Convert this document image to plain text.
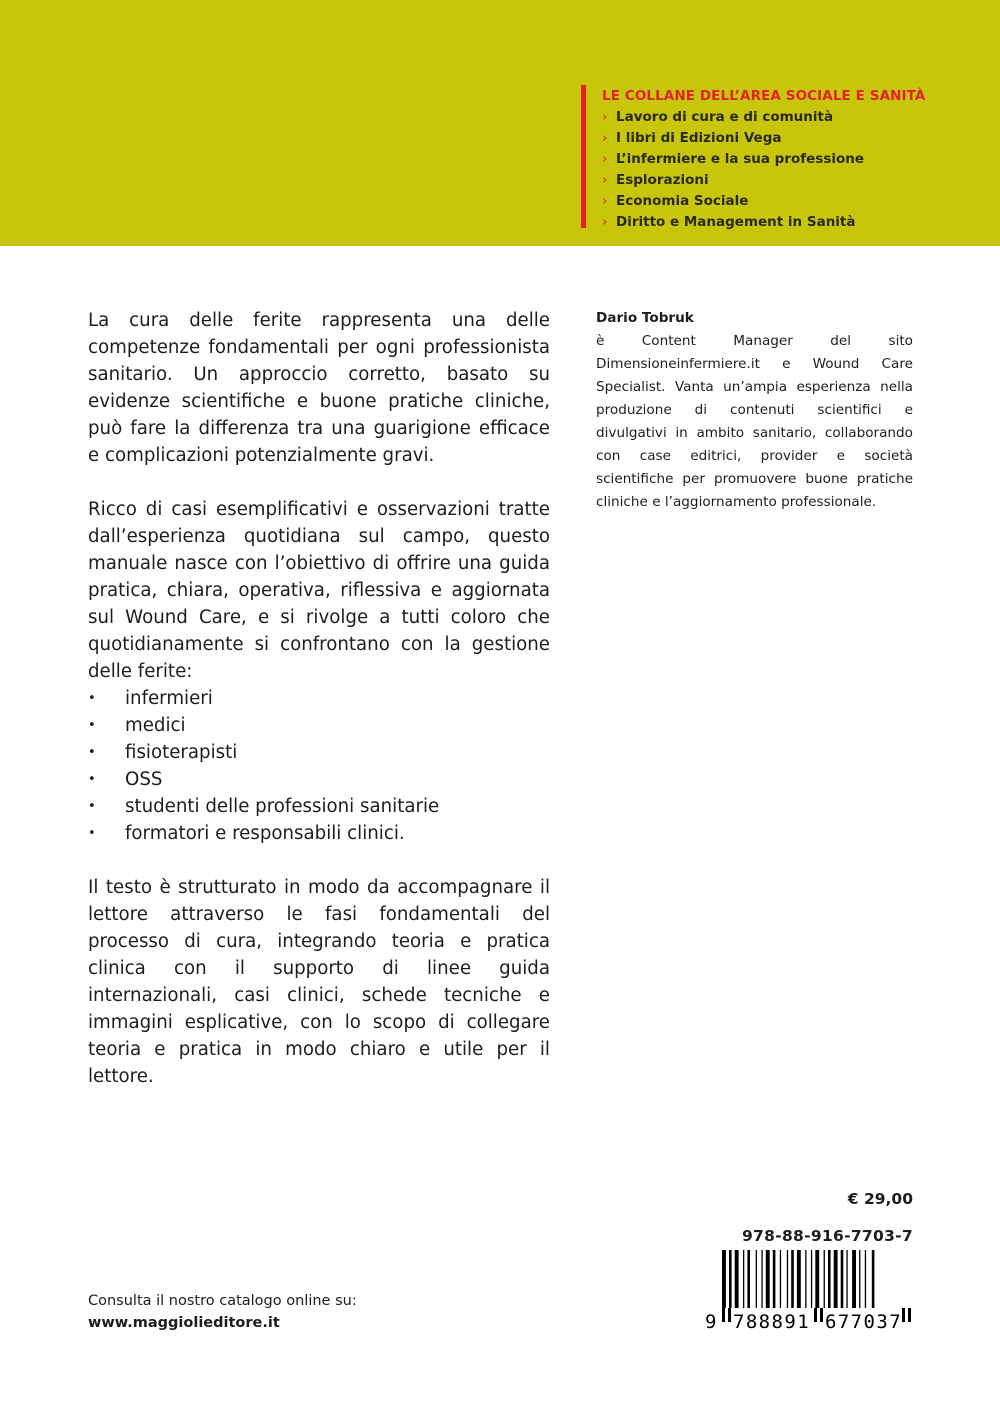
LE COLLANE DELL’AREA SOCIALE E SANITÀ
› Lavoro di cura e di comunità
› I libri di Edizioni Vega
› L’infermiere e la sua professione
› Esplorazioni
› Economia Sociale
› Diritto e Management in Sanità

La cura delle ferite rappresenta una delle competenze fondamentali per ogni professionista sanitario. Un approccio corretto, basato su evidenze scientifiche e buone pratiche cliniche, può fare la differenza tra una guarigione efficace e complicazioni potenzialmente gravi.

Ricco di casi esemplificativi e osservazioni tratte dall’esperienza quotidiana sul campo, questo manuale nasce con l’obiettivo di offrire una guida pratica, chiara, operativa, riflessiva e aggiornata sul Wound Care, e si rivolge a tutti coloro che quotidianamente si confrontano con la gestione delle ferite:

• infermieri
• medici
• fisioterapisti
• OSS
• studenti delle professioni sanitarie
• formatori e responsabili clinici.

Il testo è strutturato in modo da accompagnare il lettore attraverso le fasi fondamentali del processo di cura, integrando teoria e pratica clinica con il supporto di linee guida internazionali, casi clinici, schede tecniche e immagini esplicative, con lo scopo di collegare teoria e pratica in modo chiaro e utile per il lettore.

Dario Tobruk
è Content Manager del sito Dimensioneinfermiere.it e Wound Care Specialist. Vanta un’ampia esperienza nella produzione di contenuti scientifici e divulgativi in ambito sanitario, collaborando con case editrici, provider e società scientifiche per promuovere buone pratiche cliniche e l’aggiornamento professionale.
€ 29,00
978-88-916-7703-7
9 788891 677037
Consulta il nostro catalogo online su:
www.maggiolieditore.it
